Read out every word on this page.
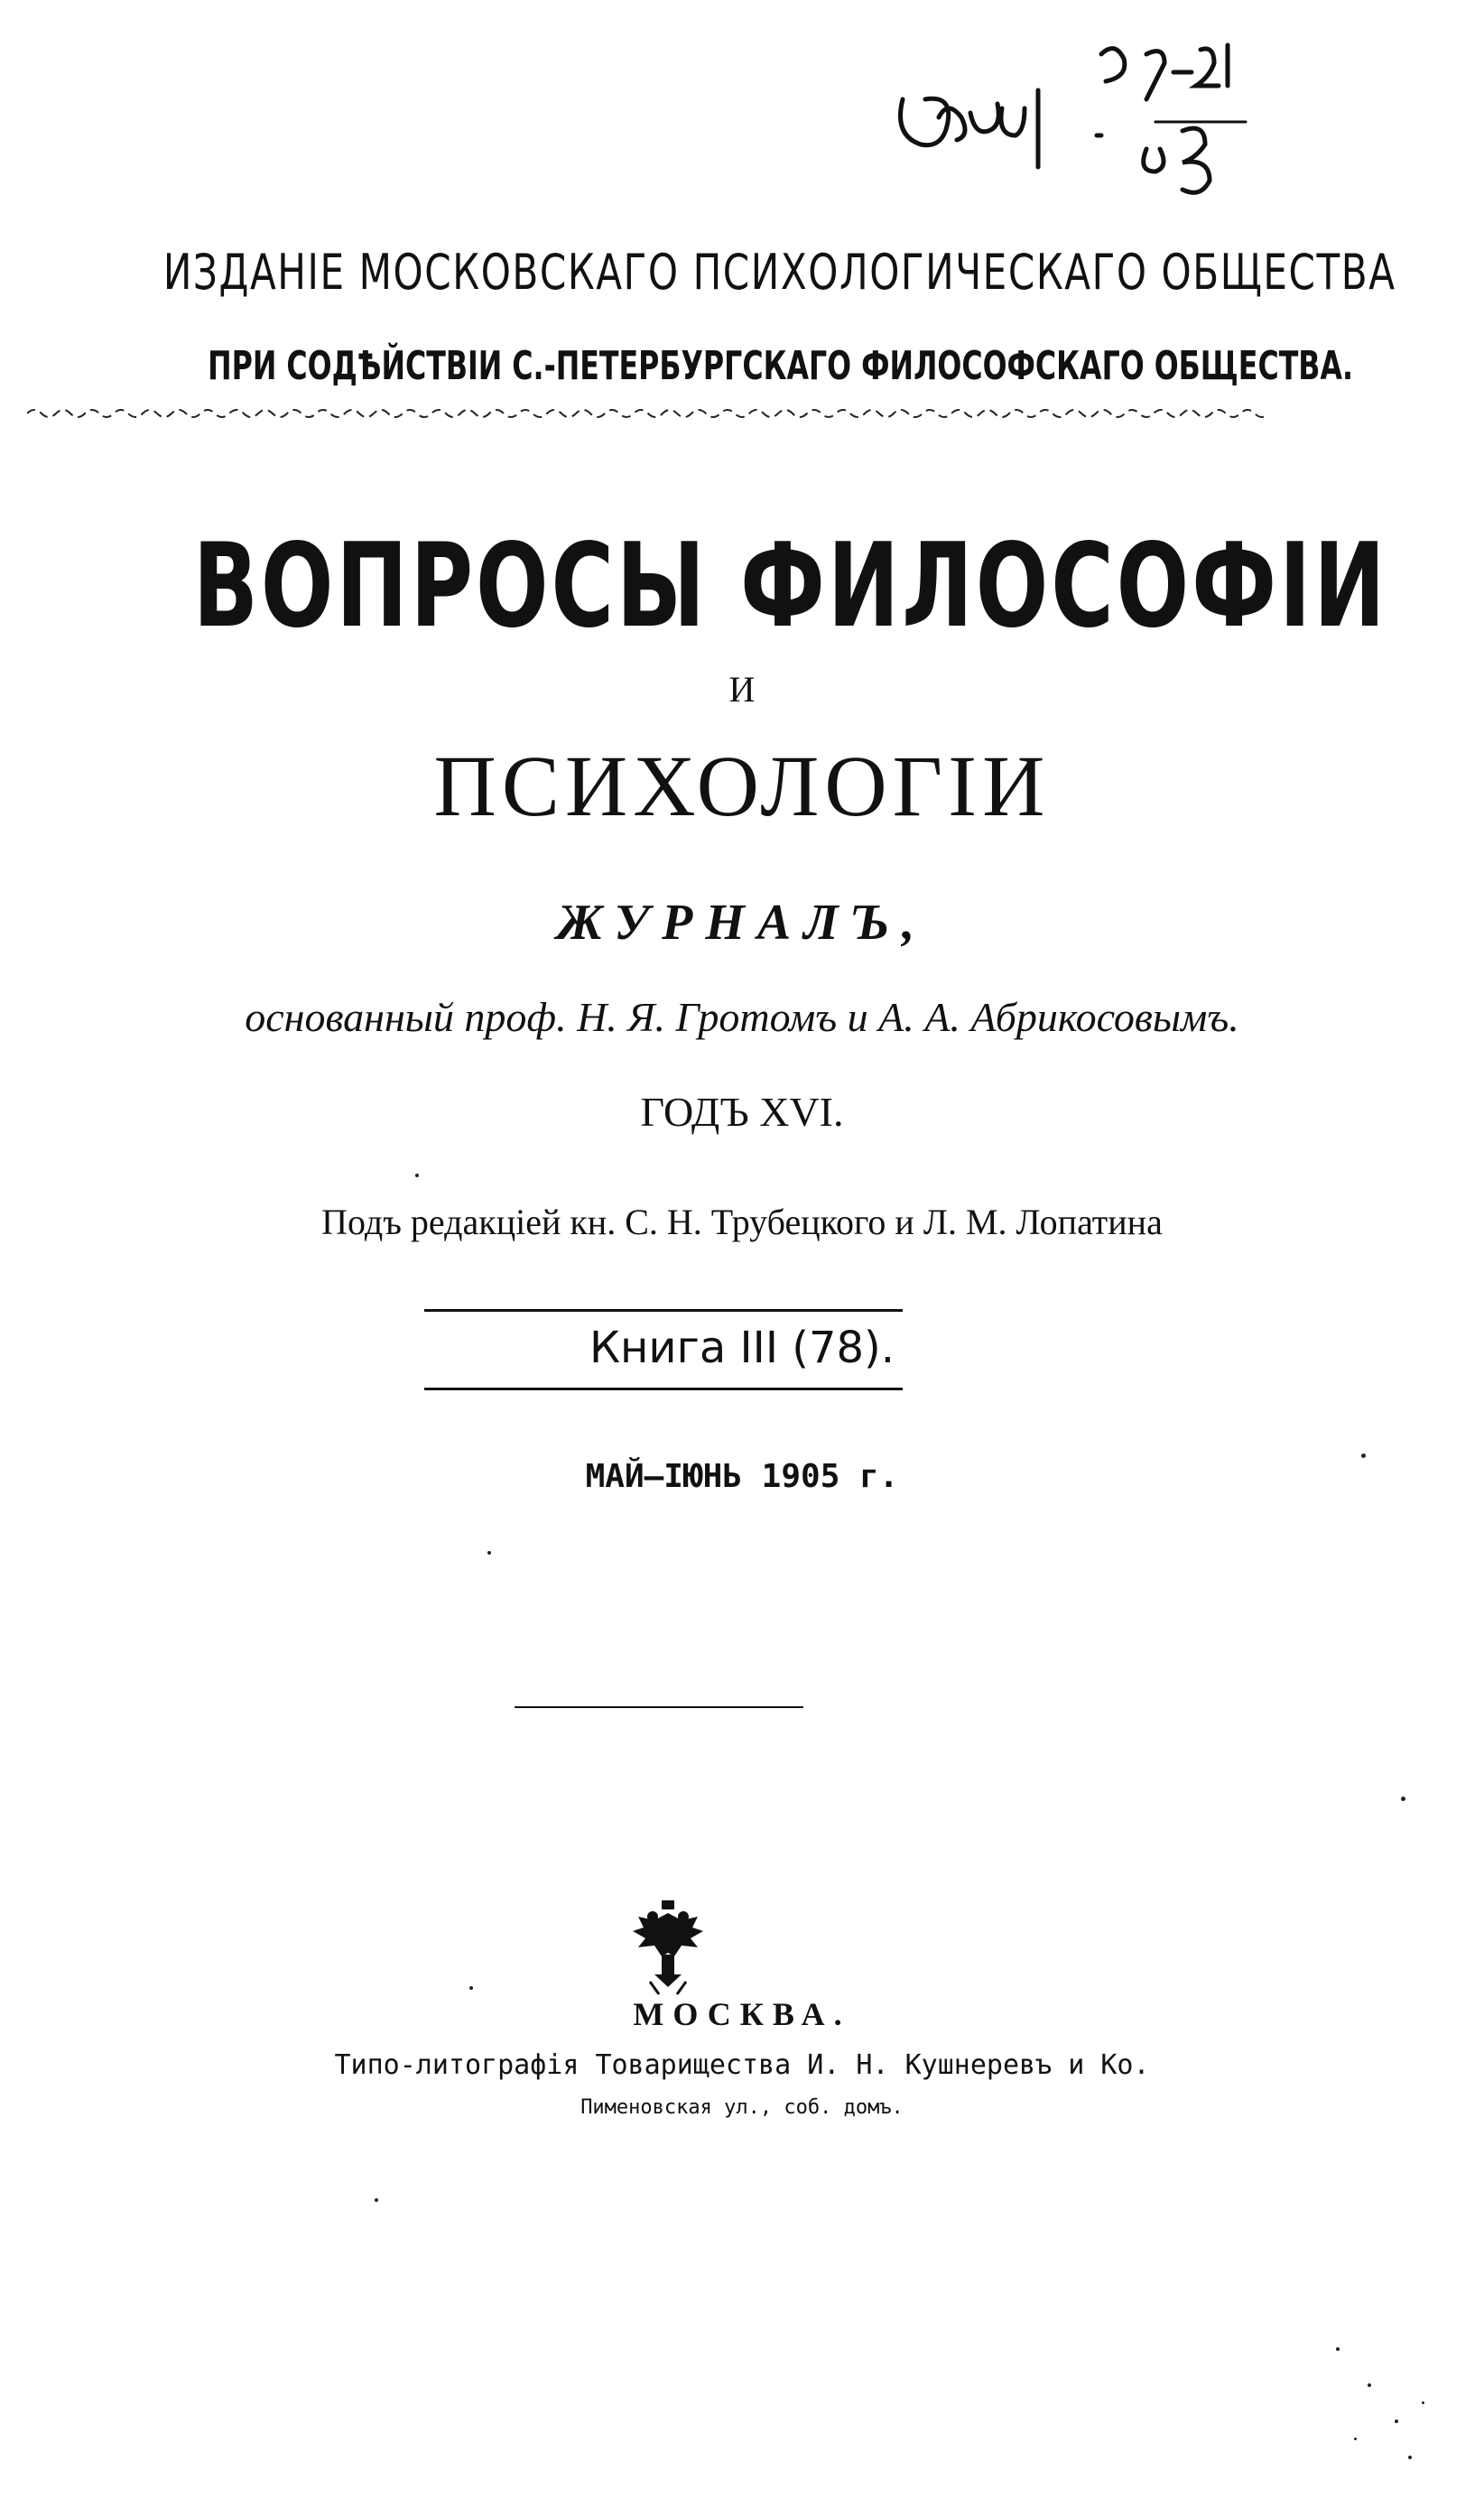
ИЗДАНІЕ МОСКОВСКАГО ПСИХОЛОГИЧЕСКАГО ОБЩЕСТВА
ПРИ СОДѢЙСТВІИ С.-ПЕТЕРБУРГСКАГО ФИЛОСОФСКАГО ОБЩЕСТВА.
ВОПРОСЫ ФИЛОСОФІИ
И
ПСИХОЛОГІИ
ЖУРНАЛЪ,
основанный проф. Н. Я. Гротомъ и А. А. Абрикосовымъ.
ГОДЪ XVI.
Подъ редакціей кн. С. Н. Трубецкого и Л. М. Лопатина
Книга III (78).
МАЙ—ІЮНЬ 1905 г.
МОСКВА.
Типо-литографія Товарищества И. Н. Кушнеревъ и Ко.
Пименовская ул., соб. домъ.
